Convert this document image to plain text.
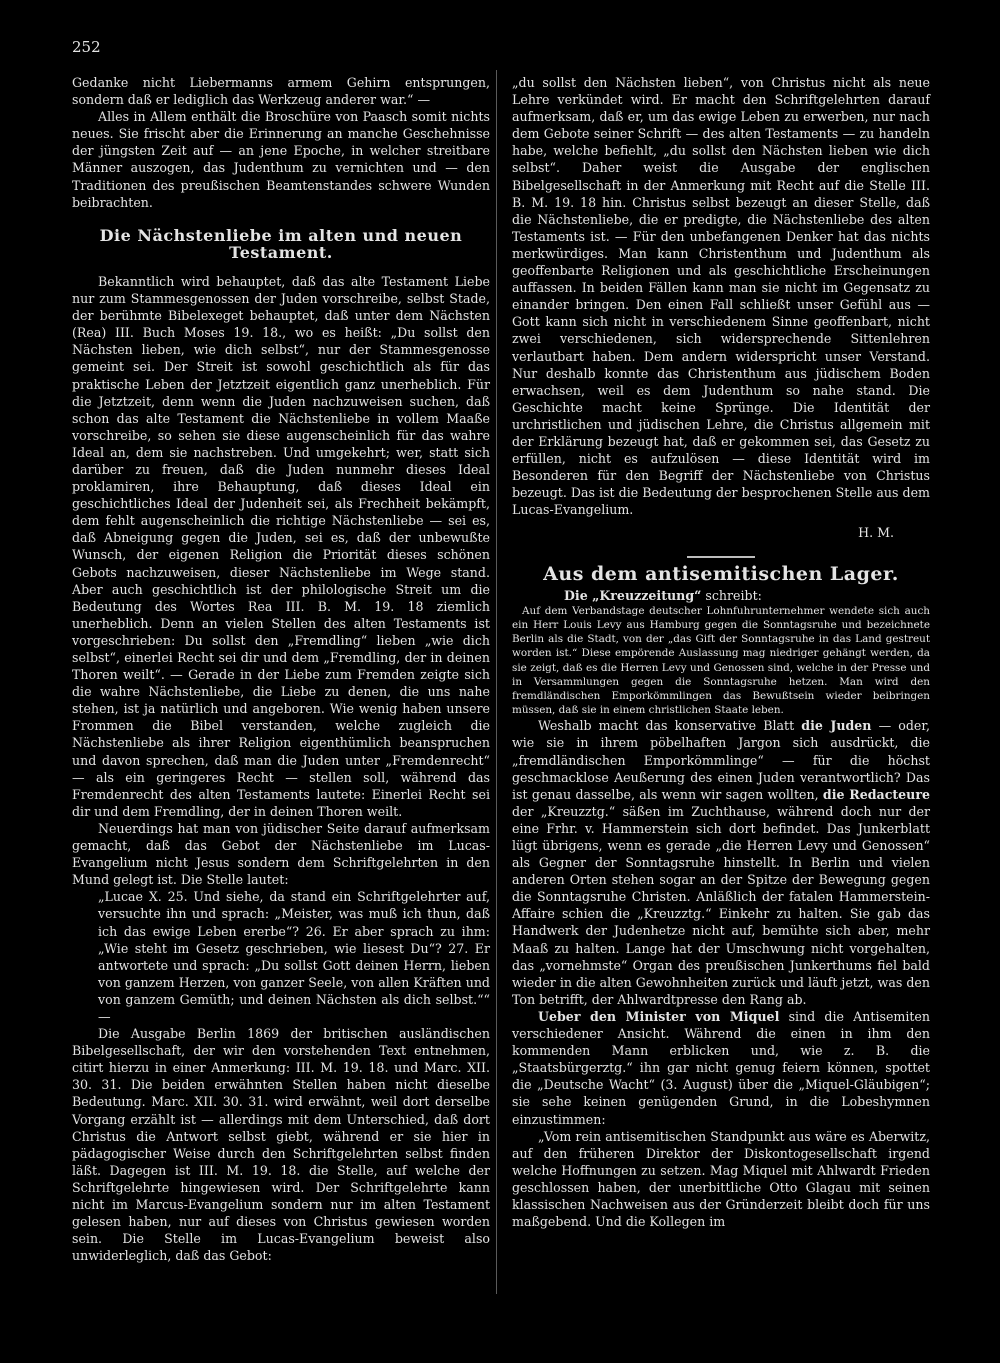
252

Gedanke nicht Liebermanns armem Gehirn entsprungen, sondern daß er lediglich das Werkzeug anderer war.“ —

Alles in Allem enthält die Broschüre von Paasch somit nichts neues. Sie frischt aber die Erinnerung an manche Geschehnisse der jüngsten Zeit auf — an jene Epoche, in welcher streitbare Männer auszogen, das Judenthum zu vernichten und — den Traditionen des preußischen Beamtenstandes schwere Wunden beibrachten.

Die Nächstenliebe im alten und neuen Testament.

Bekanntlich wird behauptet, daß das alte Testament Liebe nur zum Stammesgenossen der Juden vorschreibe, selbst Stade, der berühmte Bibelexeget behauptet, daß unter dem Nächsten (Rea) III. Buch Moses 19. 18., wo es heißt: „Du sollst den Nächsten lieben, wie dich selbst“, nur der Stammesgenosse gemeint sei. Der Streit ist sowohl geschichtlich als für das praktische Leben der Jetztzeit eigentlich ganz unerheblich. Für die Jetztzeit, denn wenn die Juden nachzuweisen suchen, daß schon das alte Testament die Nächstenliebe in vollem Maaße vorschreibe, so sehen sie diese augenscheinlich für das wahre Ideal an, dem sie nachstreben. Und umgekehrt; wer, statt sich darüber zu freuen, daß die Juden nunmehr dieses Ideal proklamiren, ihre Behauptung, daß dieses Ideal ein geschichtliches Ideal der Judenheit sei, als Frechheit bekämpft, dem fehlt augenscheinlich die richtige Nächstenliebe — sei es, daß Abneigung gegen die Juden, sei es, daß der unbewußte Wunsch, der eigenen Religion die Priorität dieses schönen Gebots nachzuweisen, dieser Nächstenliebe im Wege stand. Aber auch geschichtlich ist der philologische Streit um die Bedeutung des Wortes Rea III. B. M. 19. 18 ziemlich unerheblich. Denn an vielen Stellen des alten Testaments ist vorgeschrieben: Du sollst den „Fremdling“ lieben „wie dich selbst“, einerlei Recht sei dir und dem „Fremdling, der in deinen Thoren weilt“. — Gerade in der Liebe zum Fremden zeigte sich die wahre Nächstenliebe, die Liebe zu denen, die uns nahe stehen, ist ja natürlich und angeboren. Wie wenig haben unsere Frommen die Bibel verstanden, welche zugleich die Nächstenliebe als ihrer Religion eigenthümlich beanspruchen und davon sprechen, daß man die Juden unter „Fremdenrecht“ — als ein geringeres Recht — stellen soll, während das Fremdenrecht des alten Testaments lautete: Einerlei Recht sei dir und dem Fremdling, der in deinen Thoren weilt.

Neuerdings hat man von jüdischer Seite darauf aufmerksam gemacht, daß das Gebot der Nächstenliebe im Lucas-Evangelium nicht Jesus sondern dem Schriftgelehrten in den Mund gelegt ist. Die Stelle lautet:

„Lucae X. 25. Und siehe, da stand ein Schriftgelehrter auf, versuchte ihn und sprach: „Meister, was muß ich thun, daß ich das ewige Leben ererbe“? 26. Er aber sprach zu ihm: „Wie steht im Gesetz geschrieben, wie liesest Du“? 27. Er antwortete und sprach: „Du sollst Gott deinen Herrn, lieben von ganzem Herzen, von ganzer Seele, von allen Kräften und von ganzem Gemüth; und deinen Nächsten als dich selbst.““ —

Die Ausgabe Berlin 1869 der britischen ausländischen Bibelgesellschaft, der wir den vorstehenden Text entnehmen, citirt hierzu in einer Anmerkung: III. M. 19. 18. und Marc. XII. 30. 31. Die beiden erwähnten Stellen haben nicht dieselbe Bedeutung. Marc. XII. 30. 31. wird erwähnt, weil dort derselbe Vorgang erzählt ist — allerdings mit dem Unterschied, daß dort Christus die Antwort selbst giebt, während er sie hier in pädagogischer Weise durch den Schriftgelehrten selbst finden läßt. Dagegen ist III. M. 19. 18. die Stelle, auf welche der Schriftgelehrte hingewiesen wird. Der Schriftgelehrte kann nicht im Marcus-Evangelium sondern nur im alten Testament gelesen haben, nur auf dieses von Christus gewiesen worden sein. Die Stelle im Lucas-Evangelium beweist also unwiderleglich, daß das Gebot:

„du sollst den Nächsten lieben“, von Christus nicht als neue Lehre verkündet wird. Er macht den Schriftgelehrten darauf aufmerksam, daß er, um das ewige Leben zu erwerben, nur nach dem Gebote seiner Schrift — des alten Testaments — zu handeln habe, welche befiehlt, „du sollst den Nächsten lieben wie dich selbst“. Daher weist die Ausgabe der englischen Bibelgesellschaft in der Anmerkung mit Recht auf die Stelle III. B. M. 19. 18 hin. Christus selbst bezeugt an dieser Stelle, daß die Nächstenliebe, die er predigte, die Nächstenliebe des alten Testaments ist. — Für den unbefangenen Denker hat das nichts merkwürdiges. Man kann Christenthum und Judenthum als geoffenbarte Religionen und als geschichtliche Erscheinungen auffassen. In beiden Fällen kann man sie nicht im Gegensatz zu einander bringen. Den einen Fall schließt unser Gefühl aus — Gott kann sich nicht in verschiedenem Sinne geoffenbart, nicht zwei verschiedenen, sich widersprechende Sittenlehren verlautbart haben. Dem andern widerspricht unser Verstand. Nur deshalb konnte das Christenthum aus jüdischem Boden erwachsen, weil es dem Judenthum so nahe stand. Die Geschichte macht keine Sprünge. Die Identität der urchristlichen und jüdischen Lehre, die Christus allgemein mit der Erklärung bezeugt hat, daß er gekommen sei, das Gesetz zu erfüllen, nicht es aufzulösen — diese Identität wird im Besonderen für den Begriff der Nächstenliebe von Christus bezeugt. Das ist die Bedeutung der besprochenen Stelle aus dem Lucas-Evangelium.

H. M.

Aus dem antisemitischen Lager.

Die „Kreuzzeitung“ schreibt:

Auf dem Verbandstage deutscher Lohnfuhrunternehmer wendete sich auch ein Herr Louis Levy aus Hamburg gegen die Sonntagsruhe und bezeichnete Berlin als die Stadt, von der „das Gift der Sonntagsruhe in das Land gestreut worden ist.“ Diese empörende Auslassung mag niedriger gehängt werden, da sie zeigt, daß es die Herren Levy und Genossen sind, welche in der Presse und in Versammlungen gegen die Sonntagsruhe hetzen. Man wird den fremdländischen Emporkömmlingen das Bewußtsein wieder beibringen müssen, daß sie in einem christlichen Staate leben.

Weshalb macht das konservative Blatt die Juden — oder, wie sie in ihrem pöbelhaften Jargon sich ausdrückt, die „fremdländischen Emporkömmlinge“ — für die höchst geschmacklose Aeußerung des einen Juden verantwortlich? Das ist genau dasselbe, als wenn wir sagen wollten, die Redacteure der „Kreuzztg.“ säßen im Zuchthause, während doch nur der eine Frhr. v. Hammerstein sich dort befindet. Das Junkerblatt lügt übrigens, wenn es gerade „die Herren Levy und Genossen“ als Gegner der Sonntagsruhe hinstellt. In Berlin und vielen anderen Orten stehen sogar an der Spitze der Bewegung gegen die Sonntagsruhe Christen. Anläßlich der fatalen Hammerstein-Affaire schien die „Kreuzztg.“ Einkehr zu halten. Sie gab das Handwerk der Judenhetze nicht auf, bemühte sich aber, mehr Maaß zu halten. Lange hat der Umschwung nicht vorgehalten, das „vornehmste“ Organ des preußischen Junkerthums fiel bald wieder in die alten Gewohnheiten zurück und läuft jetzt, was den Ton betrifft, der Ahlwardtpresse den Rang ab.

Ueber den Minister von Miquel sind die Antisemiten verschiedener Ansicht. Während die einen in ihm den kommenden Mann erblicken und, wie z. B. die „Staatsbürgerztg.“ ihn gar nicht genug feiern können, spottet die „Deutsche Wacht“ (3. August) über die „Miquel-Gläubigen“; sie sehe keinen genügenden Grund, in die Lobeshymnen einzustimmen:

„Vom rein antisemitischen Standpunkt aus wäre es Aberwitz, auf den früheren Direktor der Diskontogesellschaft irgend welche Hoffnungen zu setzen. Mag Miquel mit Ahlwardt Frieden geschlossen haben, der unerbittliche Otto Glagau mit seinen klassischen Nachweisen aus der Gründerzeit bleibt doch für uns maßgebend. Und die Kollegen im
